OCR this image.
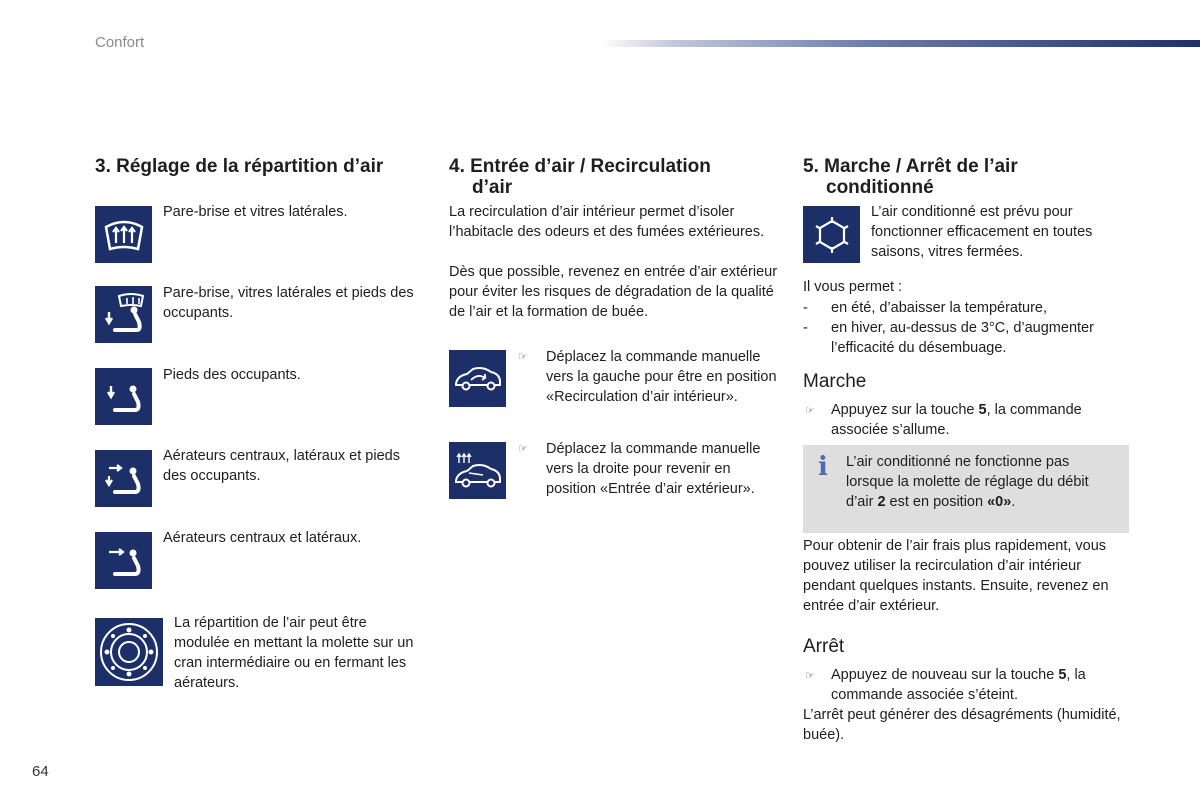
Confort
64
3. Réglage de la répartition d’air

Pare-brise et vitres latérales.

Pare-brise, vitres latérales et pieds des occupants.

Pieds des occupants.

Aérateurs centraux, latéraux et pieds des occupants.

Aérateurs centraux et latéraux.

La répartition de l’air peut être modulée en mettant la molette sur un cran intermédiaire ou en fermant les aérateurs.

4. Entrée d’air / Recirculation
d’air

La recirculation d’air intérieur permet d’isoler l’habitacle des odeurs et des fumées extérieures.

Dès que possible, revenez en entrée d’air extérieur pour éviter les risques de dégradation de la qualité de l’air et la formation de buée.

☞ Déplacez la commande manuelle vers la gauche pour être en position «Recirculation d’air intérieur».

☞ Déplacez la commande manuelle vers la droite pour revenir en position «Entrée d’air extérieur».

5. Marche / Arrêt de l’air
conditionné

L’air conditionné est prévu pour fonctionner efficacement en toutes saisons, vitres fermées.

Il vous permet :

- en été, d’abaisser la température,

- en hiver, au-dessus de 3°C, d’augmenter l’efficacité du désembuage.

Marche
☞ Appuyez sur la touche 5, la commande associée s’allume.

i L’air conditionné ne fonctionne pas lorsque la molette de réglage du débit d’air 2 est en position «0».

Pour obtenir de l’air frais plus rapidement, vous pouvez utiliser la recirculation d’air intérieur pendant quelques instants. Ensuite, revenez en entrée d’air extérieur.

Arrêt
☞ Appuyez de nouveau sur la touche 5, la commande associée s’éteint.

L’arrêt peut générer des désagréments (humidité, buée).
